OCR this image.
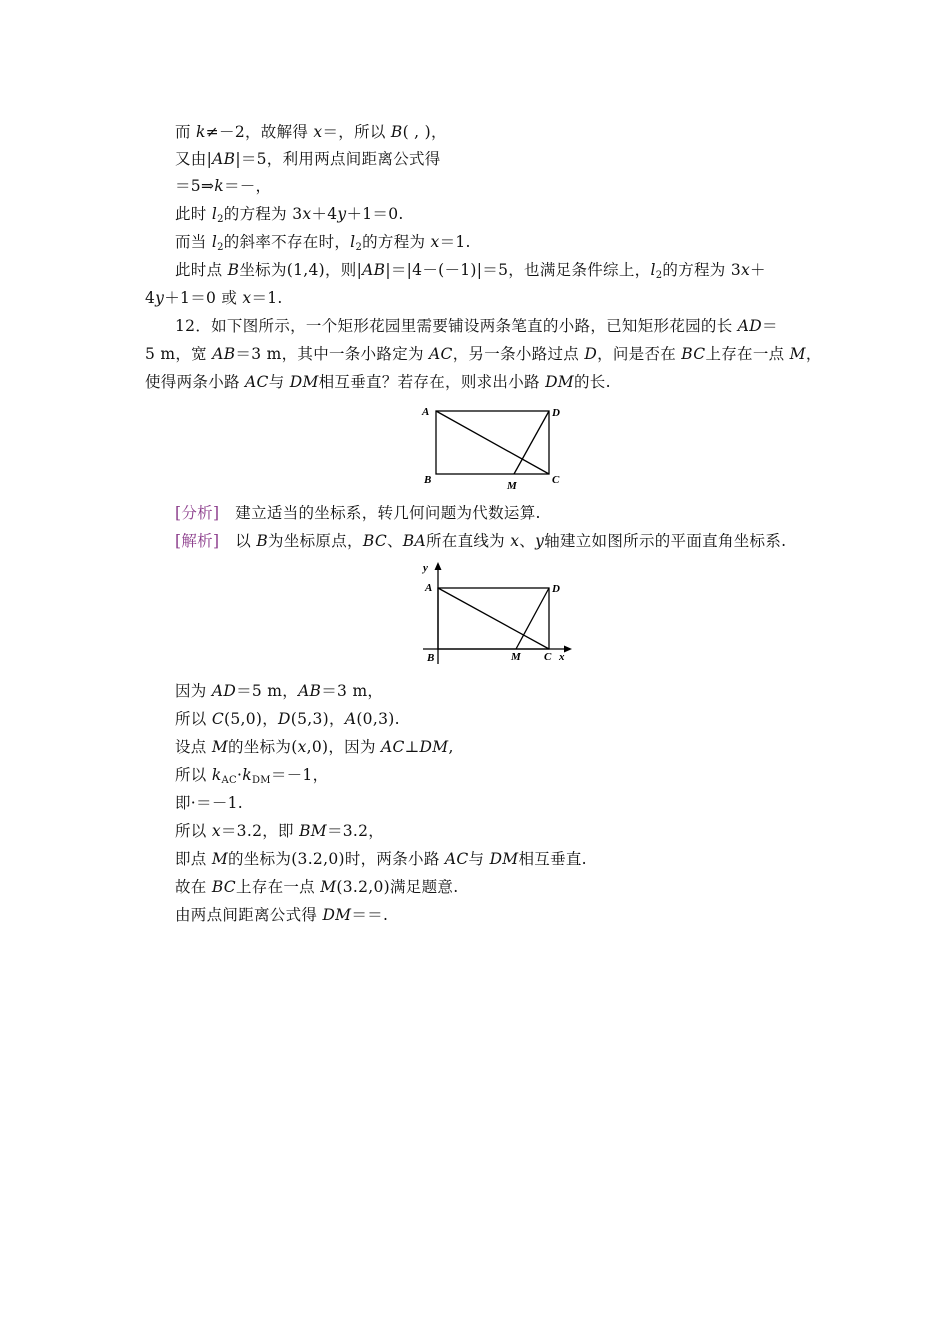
而 k≠－2，故解得 x＝，所以 B( , )，
又由|AB|＝5，利用两点间距离公式得
＝5⇒k＝－，
此时 $l_2$的方程为 3x＋4y＋1＝0.
而当 $l_2$的斜率不存在时，$l_2$的方程为 x＝1.
此时点 B坐标为(1,4)，则|AB|＝|4－(－1)|＝5，也满足条件综上，$l_2$的方程为 3x＋
4y＋1＝0 或 x＝1.
12．如下图所示，一个矩形花园里需要铺设两条笔直的小路，已知矩形花园的长 AD＝
5 m，宽 AB＝3 m，其中一条小路定为 AC，另一条小路过点 D，问是否在 BC上存在一点 M，
使得两条小路 AC与 DM相互垂直？若存在，则求出小路 DM的长.
A	D
B	M	C
[分析] 建立适当的坐标系，转几何问题为代数运算.
[解析] 以 B为坐标原点，BC、BA所在直线为 x、y轴建立如图所示的平面直角坐标系.
y
A	D
B	M C x
因为 AD＝5 m，AB＝3 m，
所以 C(5,0)，D(5,3)，A(0,3).
设点 M的坐标为(x,0)，因为 AC⊥DM,
所以 $k_{AC}\cdot k_{DM}=-1$，
即·＝－1.
所以 x＝3.2，即 BM＝3.2，
即点 M的坐标为(3.2,0)时，两条小路 AC与 DM相互垂直.
故在 BC上存在一点 M(3.2,0)满足题意.
由两点间距离公式得 DM＝＝.
